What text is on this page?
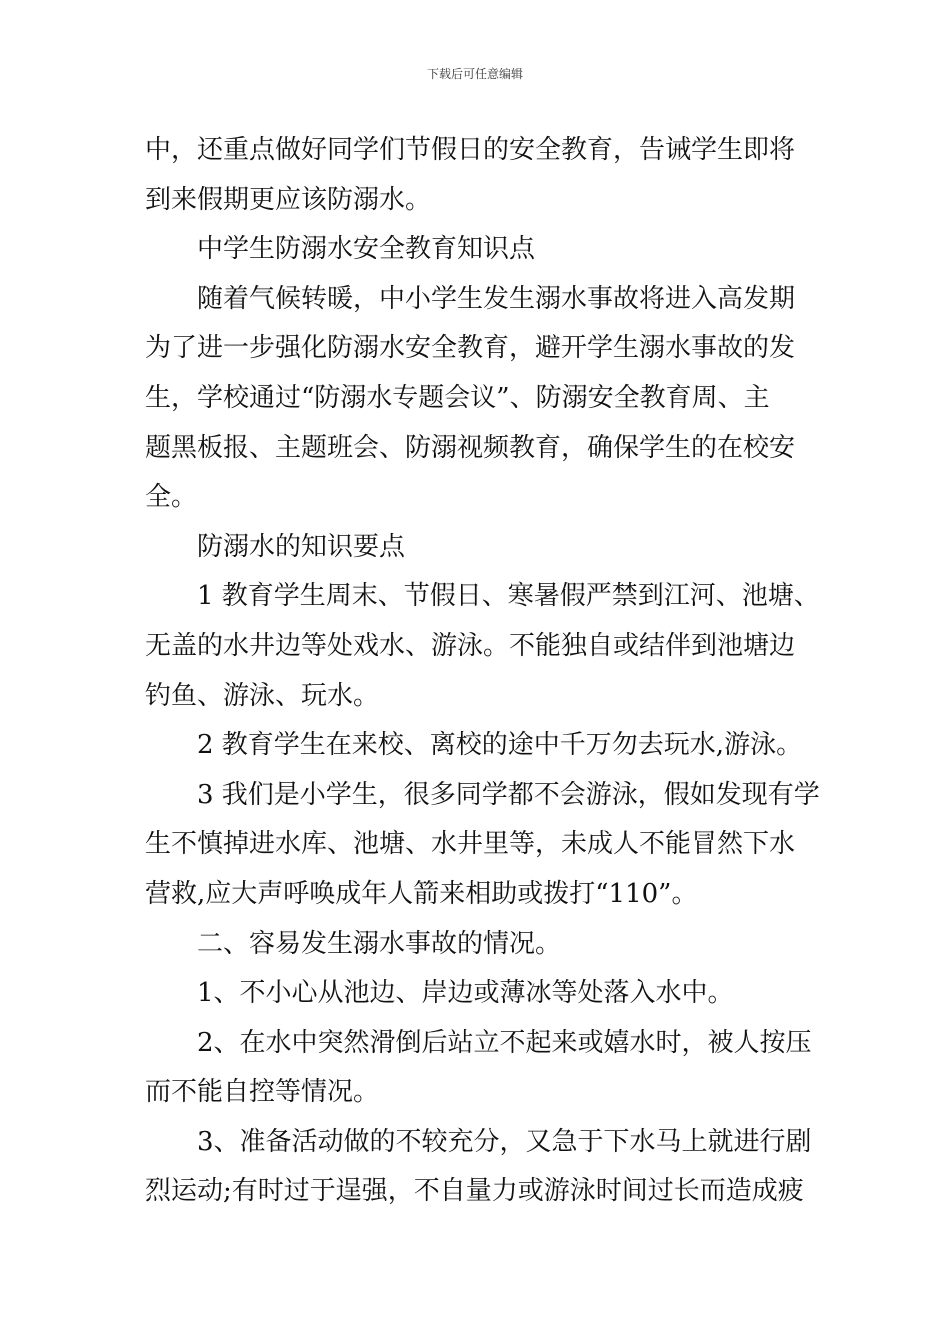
下载后可任意编辑
中，还重点做好同学们节假日的安全教育，告诫学生即将
到来假期更应该防溺水。
中学生防溺水安全教育知识点
随着气候转暖，中小学生发生溺水事故将进入高发期
为了进一步强化防溺水安全教育，避开学生溺水事故的发
生，学校通过“防溺水专题会议”、防溺安全教育周、主
题黑板报、主题班会、防溺视频教育，确保学生的在校安
全。
防溺水的知识要点
1 教育学生周末、节假日、寒暑假严禁到江河、池塘、
无盖的水井边等处戏水、游泳。不能独自或结伴到池塘边
钓鱼、游泳、玩水。
2 教育学生在来校、离校的途中千万勿去玩水,游泳。
3 我们是小学生，很多同学都不会游泳，假如发现有学
生不慎掉进水库、池塘、水井里等，未成人不能冒然下水
营救,应大声呼唤成年人箭来相助或拨打“110”。
二、容易发生溺水事故的情况。
1、不小心从池边、岸边或薄冰等处落入水中。
2、在水中突然滑倒后站立不起来或嬉水时，被人按压
而不能自控等情况。
3、准备活动做的不较充分，又急于下水马上就进行剧
烈运动;有时过于逞强，不自量力或游泳时间过长而造成疲
